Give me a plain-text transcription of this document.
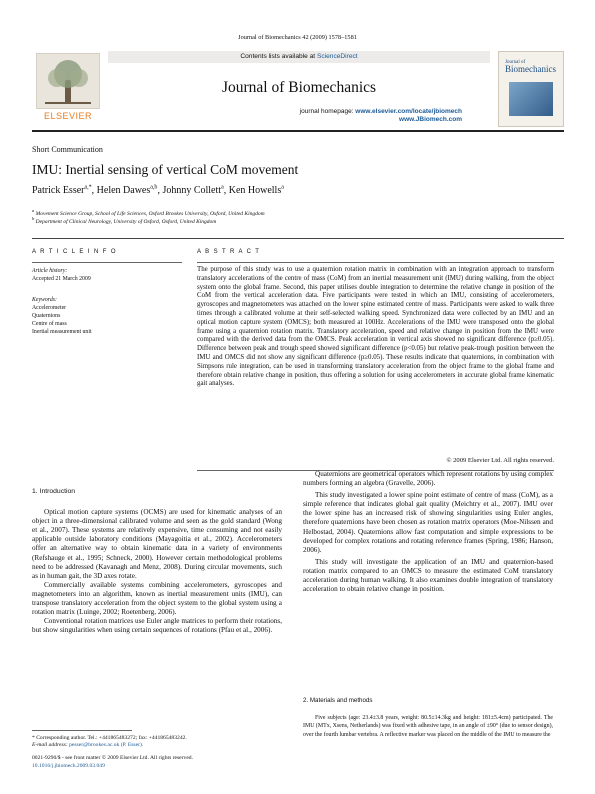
Journal of Biomechanics 42 (2009) 1578–1581
ELSEVIER
Contents lists available at ScienceDirect
Journal of Biomechanics
journal homepage: www.elsevier.com/locate/jbiomech
www.JBiomech.com
Journal of
Biomechanics
Short Communication
IMU: Inertial sensing of vertical CoM movement
Patrick Esser$^{a,*}$, Helen Dawes$^{a,b}$, Johnny Collett$^a$, Ken Howells$^a$
$^a$ Movement Science Group, School of Life Sciences, Oxford Brookes University, Oxford, United Kingdom
$^b$ Department of Clinical Neurology, University of Oxford, Oxford, United Kingdom
A R T I C L E I N F O
Article history:
Accepted 21 March 2009
Keywords:
Accelerometer
Quaternions
Centre of mass
Inertial measurement unit
A B S T R A C T
The purpose of this study was to use a quaternion rotation matrix in combination with an integration approach to transform translatory accelerations of the centre of mass (CoM) from an inertial measurement unit (IMU) during walking, from the object system onto the global frame. Second, this paper utilises double integration to determine the relative change in position of the CoM from the vertical acceleration data. Five participants were tested in which an IMU, consisting of accelerometers, gyroscopes and magnetometers was attached on the lower spine estimated centre of mass. Participants were asked to walk three times through a calibrated volume at their self-selected walking speed. Synchronized data were collected by an IMU and an optical motion capture system (OMCS); both measured at 100Hz. Accelerations of the IMU were transposed onto the global frame using a quaternion rotation matrix. Translatory acceleration, speed and relative change in position from the IMU were compared with the derived data from the OMCS. Peak acceleration in vertical axis showed no significant difference (p≥0.05). Difference between peak and trough speed showed significant difference (p<0.05) but relative peak-trough position between the IMU and OMCS did not show any significant difference (p≥0.05). These results indicate that quaternions, in combination with Simpsons rule integration, can be used in transforming translatory acceleration from the object frame to the global frame and therefore obtain relative change in position, thus offering a solution for using accelerometers in accurate global frame kinematic gait analyses.
© 2009 Elsevier Ltd. All rights reserved.
1. Introduction

Optical motion capture systems (OCMS) are used for kinematic analyses of an object in a three-dimensional calibrated volume and seen as the gold standard (Wong et al., 2007). These systems are relatively expensive, time consuming and not easily applicable outside laboratory conditions (Mayagoitia et al., 2002). Accelerometers offer an alternative way to obtain kinematic data in a variety of environments (Refshauge et al., 1995; Schneck, 2000). However certain methodological problems need to be addressed (Kavanagh and Menz, 2008). During circular movements, such as in human gait, the 3D axes rotate.

Commercially available systems combining accelerometers, gyroscopes and magnetometers into an algorithm, known as inertial measurement units (IMU), can transpose translatory acceleration from the object system to the global system using a rotation matrix (Luinge, 2002; Roetenberg, 2006).

Conventional rotation matrices use Euler angle matrices to perform their rotations, but show singularities when using certain sequences of rotations (Pfau et al., 2006).

* Corresponding author. Tel.: +441865483272; fax: +441865483242.
E-mail address: pesser@brookes.ac.uk (P. Esser).
0021-9290/$ - see front matter © 2009 Elsevier Ltd. All rights reserved.
10.1016/j.jbiomech.2009.03.049

Quaternions are geometrical operators which represent rotations by using complex numbers forming an algebra (Gravelle, 2006).

This study investigated a lower spine point estimate of centre of mass (CoM), as a simple reference that indicates global gait quality (Meichtry et al., 2007). IMU over the lower spine has an increased risk of showing singularities using Euler angles, therefore quaternions have been chosen as rotation matrix operators (Moe-Nilssen and Helbostad, 2004). Quaternions allow fast computation and simple expressions to be developed for complex rotations and rotating reference frames (Spring, 1986; Hanson, 2006).

This study will investigate the application of an IMU and quaternion-based rotation matrix compared to an OMCS to measure the estimated CoM translatory acceleration during human walking. It also examines double integration of translatory acceleration to obtain relative change in position.

2. Materials and methods
Five subjects (age: 23.4±3.8 years, weight: 80.5±14.3kg and height: 181±5.4cm) participated. The IMU (MTx, Xsens, Netherlands) was fixed with adhesive tape, in an angle of ±90° (due to sensor design), over the fourth lumbar vertebra. A reflective marker was placed on the middle of the IMU to measure the
